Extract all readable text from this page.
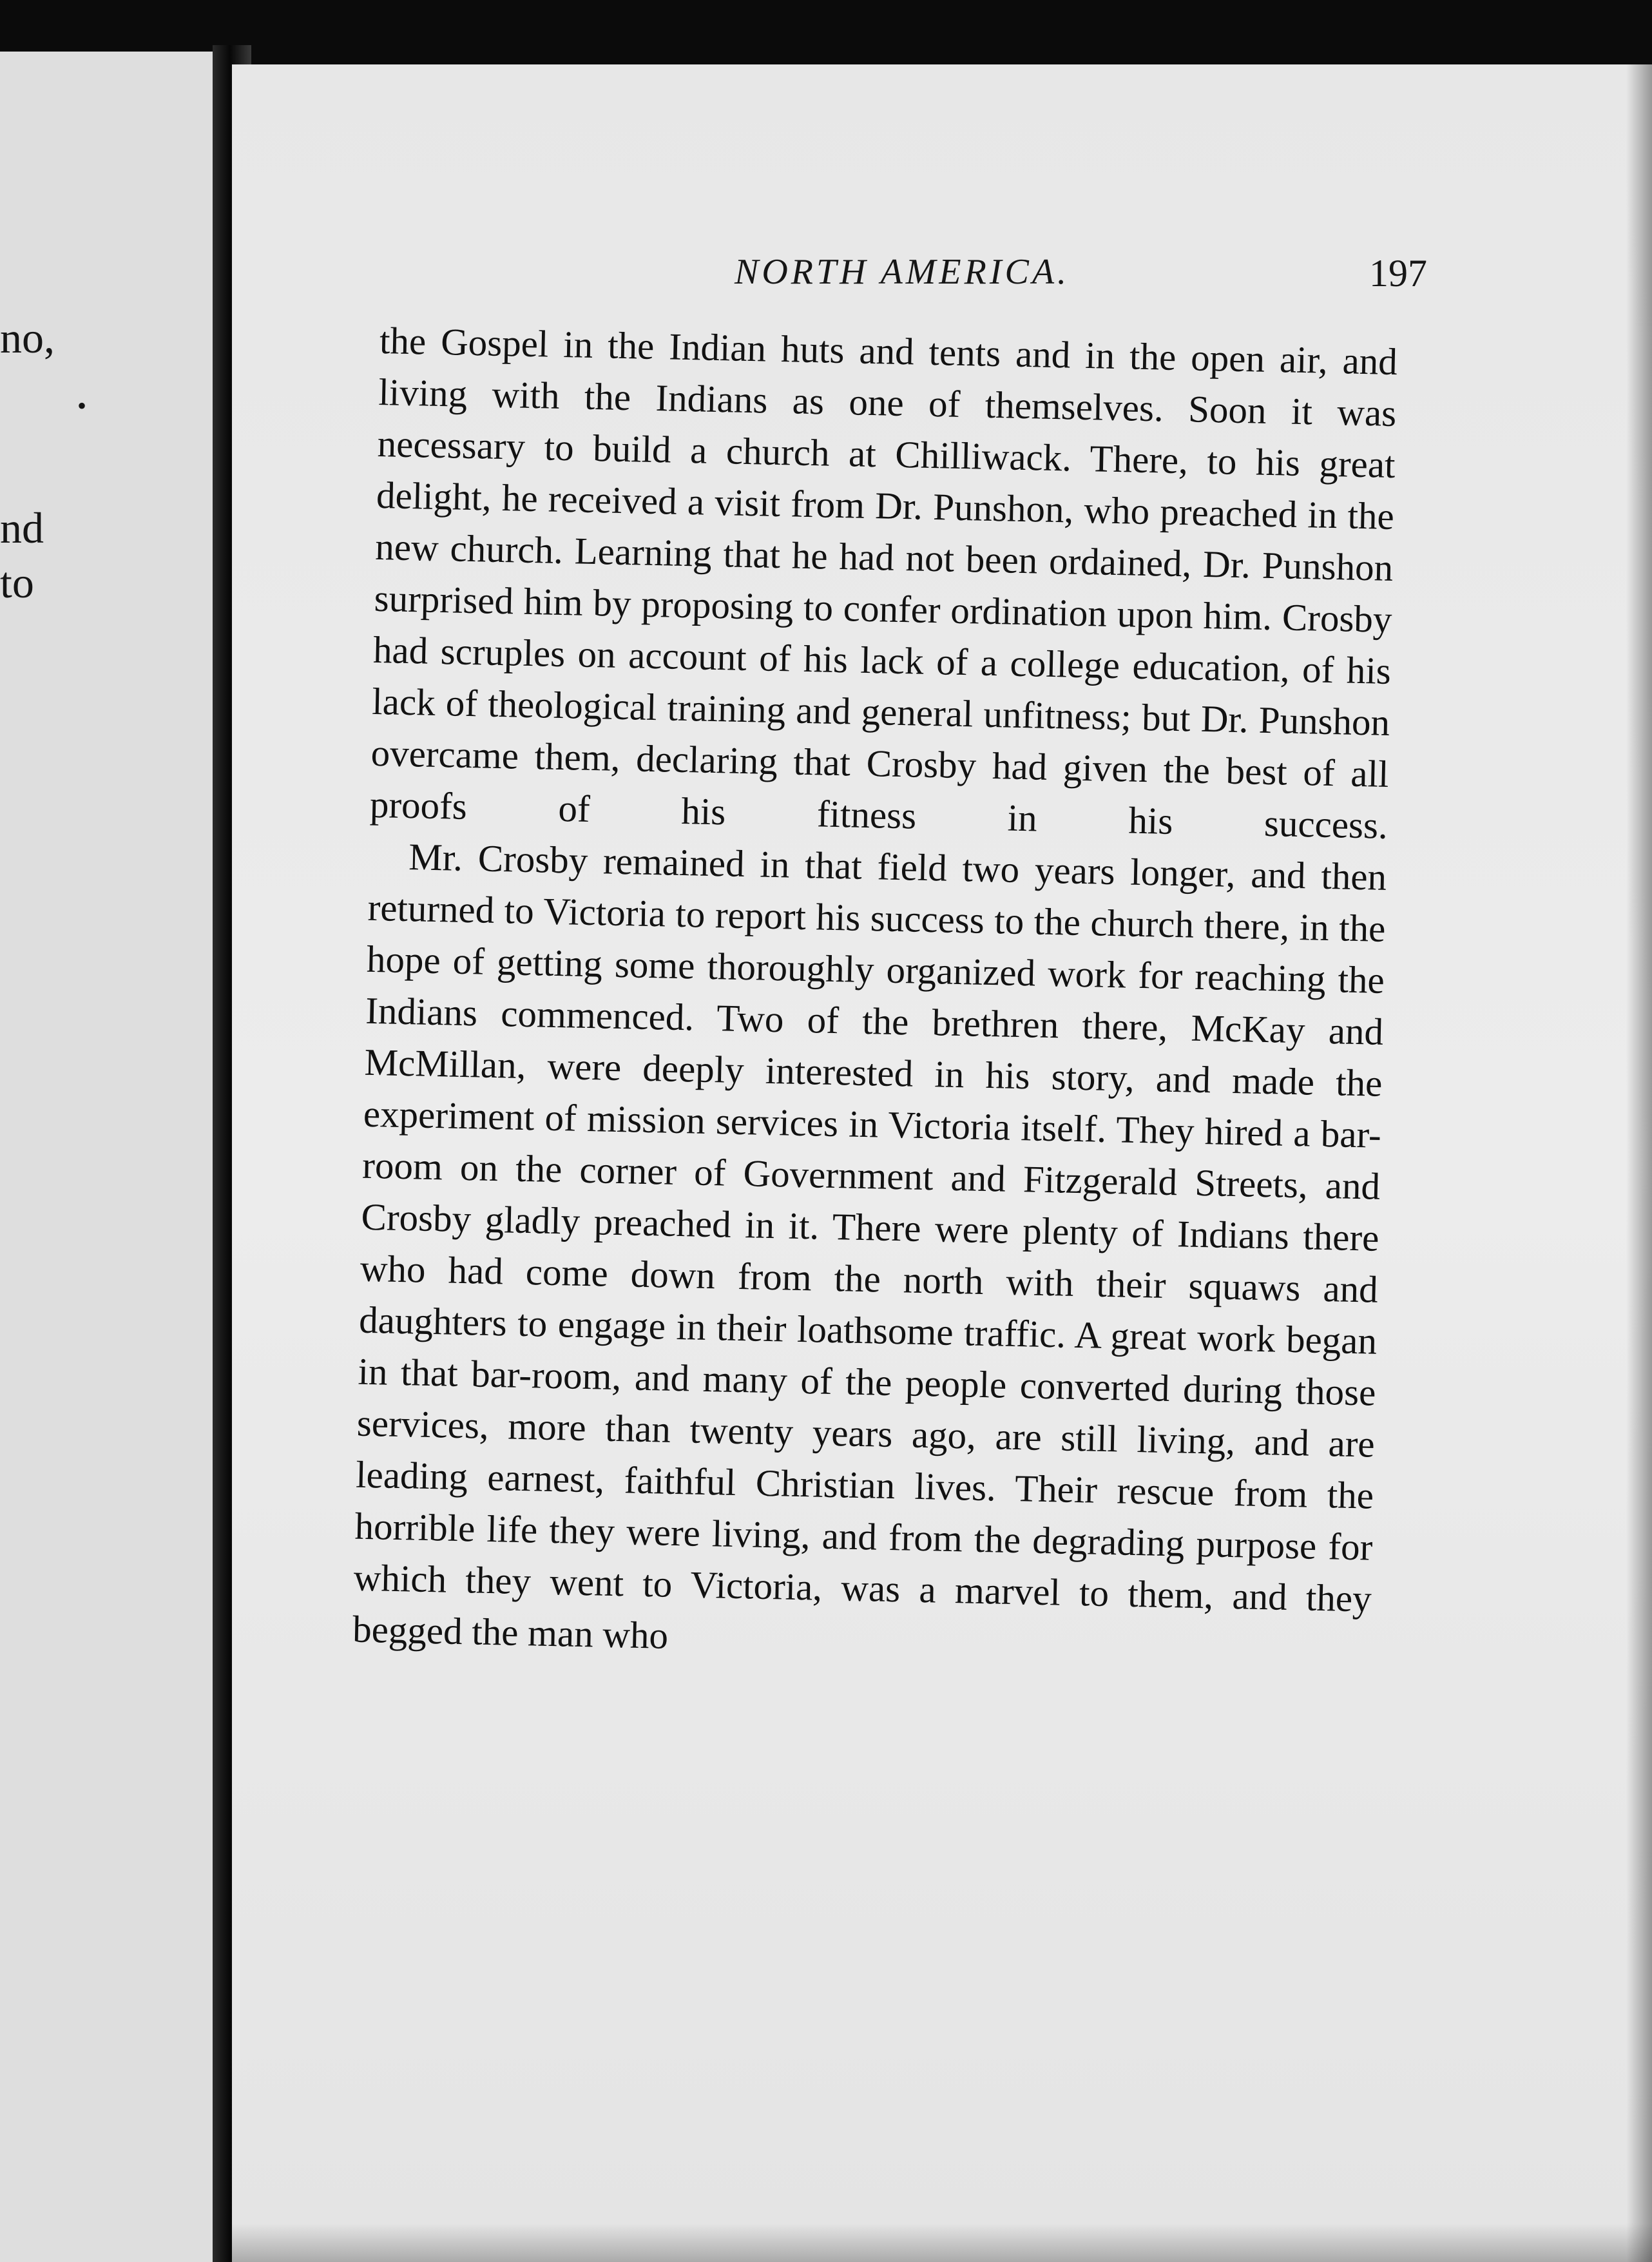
no,
•
nd
to
NORTH AMERICA.	197

the Gospel in the Indian huts and tents and in the open air, and living with the Indians as one of themselves. Soon it was necessary to build a church at Chilliwack. There, to his great delight, he received a visit from Dr. Punshon, who preached in the new church. Learning that he had not been ordained, Dr. Punshon surprised him by proposing to confer ordination upon him. Crosby had scruples on account of his lack of a college education, of his lack of theological training and general unfitness; but Dr. Punshon overcame them, declaring that Crosby had given the best of all proofs of his fitness in his success.

Mr. Crosby remained in that field two years longer, and then returned to Victoria to report his success to the church there, in the hope of getting some thoroughly organized work for reaching the Indians commenced. Two of the brethren there, McKay and McMillan, were deeply interested in his story, and made the experiment of mission services in Victoria itself. They hired a bar-room on the corner of Government and Fitzgerald Streets, and Crosby gladly preached in it. There were plenty of Indians there who had come down from the north with their squaws and daughters to engage in their loathsome traffic. A great work began in that bar-room, and many of the people converted during those services, more than twenty years ago, are still living, and are leading earnest, faithful Christian lives. Their rescue from the horrible life they were living, and from the degrading purpose for which they went to Victoria, was a marvel to them, and they begged the man who
